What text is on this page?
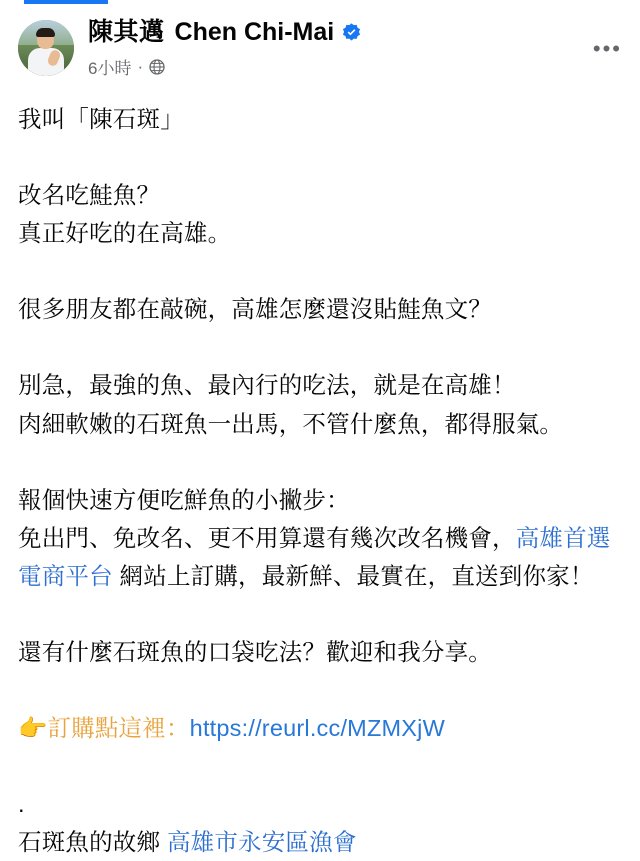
陳其邁 Chen Chi-Mai
6小時 ·
•••

我叫「陳石斑」

改名吃鮭魚？
真正好吃的在高雄。

很多朋友都在敲碗，高雄怎麼還沒貼鮭魚文？

別急，最強的魚、最內行的吃法，就是在高雄！
肉細軟嫩的石斑魚一出馬，不管什麼魚，都得服氣。

報個快速方便吃鮮魚的小撇步：
免出門、免改名、更不用算還有幾次改名機會，高雄首選電商平台 網站上訂購，最新鮮、最實在，直送到你家！

還有什麼石斑魚的口袋吃法？歡迎和我分享。

👉訂購點這裡：https://reurl.cc/MZMXjW

.
石斑魚的故鄉 高雄市永安區漁會
